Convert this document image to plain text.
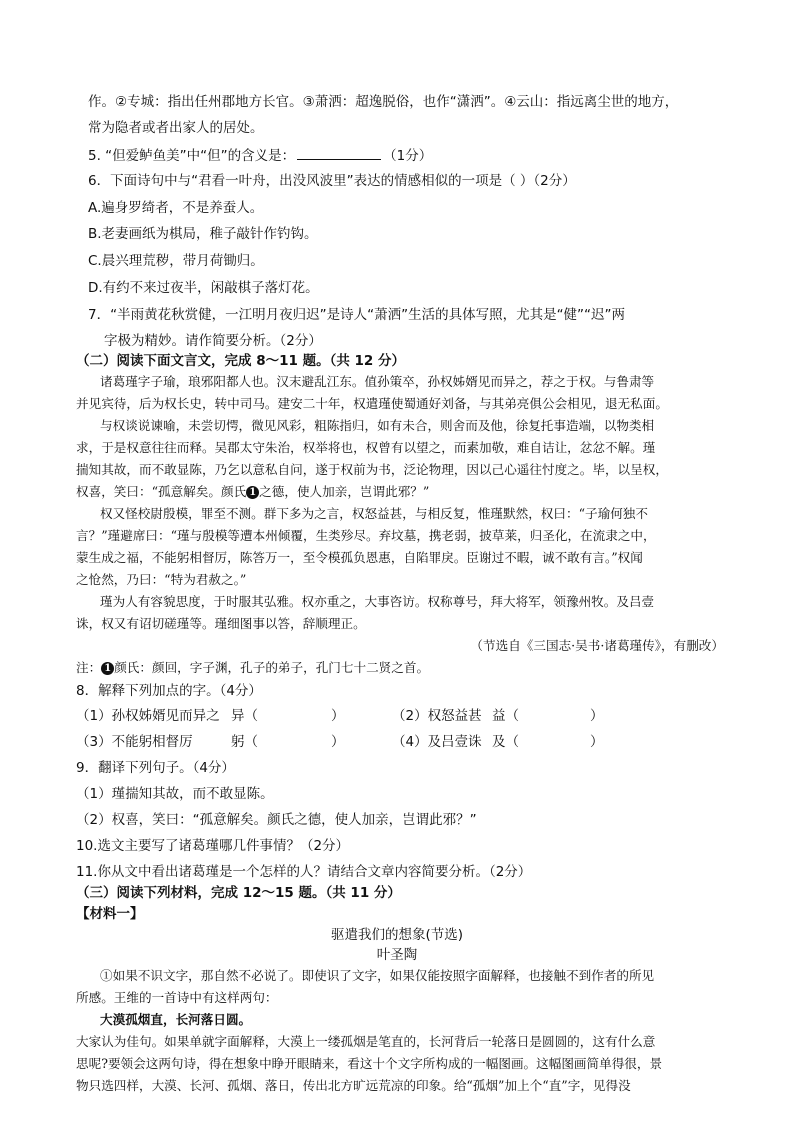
作。②专城：指出任州郡地方长官。③萧洒：超逸脱俗，也作“潇洒”。④云山：指远离尘世的地方，
常为隐者或者出家人的居处。
5. “但爱鲈鱼美”中“但”的含义是：	（1分）
6．下面诗句中与“君看一叶舟，出没风波里”表达的情感相似的一项是（ ）（2分）
A.遍身罗绮者，不是养蚕人。
B.老妻画纸为棋局，稚子敲针作钓钩。
C.晨兴理荒秽，带月荷锄归。
D.有约不来过夜半，闲敲棋子落灯花。
7．“半雨黄花秋赏健，一江明月夜归迟”是诗人“萧洒”生活的具体写照，尤其是“健”“迟”两
字极为精妙。请作简要分析。（2分）
（二）阅读下面文言文，完成 8～11 题。（共 12 分）
诸葛瑾字子瑜，琅邪阳都人也。汉末避乱江东。值孙策卒，孙权姊婿见而异之，荐之于权。与鲁肃等
并见宾待，后为权长史，转中司马。建安二十年，权遣瑾使蜀通好刘备，与其弟亮俱公会相见，退无私面。
与权谈说谏喻，未尝切愕，微见风彩，粗陈指归，如有未合，则舍而及他，徐复托事造端，以物类相
求，于是权意往往而释。吴郡太守朱治，权举将也，权曾有以望之，而素加敬，难自诘让，忿忿不解。瑾
揣知其故，而不敢显陈，乃乞以意私自问，遂于权前为书，泛论物理，因以己心遥往忖度之。毕，以呈权，
权喜，笑曰：“孤意解矣。颜氏 1 之德，使人加亲，岂谓此邪？”
权又怪校尉殷模，罪至不测。群下多为之言，权怒益甚，与相反复，惟瑾默然，权曰：“子瑜何独不
言？”瑾避席曰：“瑾与殷模等遭本州倾覆，生类殄尽。弃坟墓，携老弱，披草莱，归圣化，在流隶之中，
蒙生成之福，不能躬相督厉，陈答万一，至令模孤负恩惠，自陷罪戾。臣谢过不暇，诚不敢有言。”权闻
之怆然，乃曰：“特为君赦之。”
瑾为人有容貌思度，于时服其弘雅。权亦重之，大事咨访。权称尊号，拜大将军，领豫州牧。及吕壹
诛，权又有诏切磋瑾等。瑾细图事以答，辞顺理正。
（节选自《三国志·吴书·诸葛瑾传》，有删改）
注： 1 颜氏：颜回，字子渊，孔子的弟子，孔门七十二贤之首。
8．解释下列加点的字。（4分）
（1）孙权姊婿见而异之 异（	）	（2）权怒益甚 益（	）
（3）不能躬相督厉	躬（	）	（4）及吕壹诛 及（	）
9．翻译下列句子。（4分）
（1）瑾揣知其故，而不敢显陈。
（2）权喜，笑曰：“孤意解矣。颜氏之德，使人加亲，岂谓此邪？”
10.选文主要写了诸葛瑾哪几件事情？（2分）
11.你从文中看出诸葛瑾是一个怎样的人？请结合文章内容简要分析。（2分）
（三）阅读下列材料，完成 12～15 题。（共 11 分）
【材料一】
驱遣我们的想象(节选)
叶圣陶
①如果不识文字，那自然不必说了。即使识了文字，如果仅能按照字面解释，也接触不到作者的所见
所感。王维的一首诗中有这样两句：
大漠孤烟直，长河落日圆。
大家认为佳句。如果单就字面解释，大漠上一缕孤烟是笔直的，长河背后一轮落日是圆圆的，这有什么意
思呢?要领会这两句诗，得在想象中睁开眼睛来，看这十个文字所构成的一幅图画。这幅图画简单得很，景
物只选四样，大漠、长河、孤烟、落日，传出北方旷远荒凉的印象。给“孤烟”加上个“直”字，见得没
